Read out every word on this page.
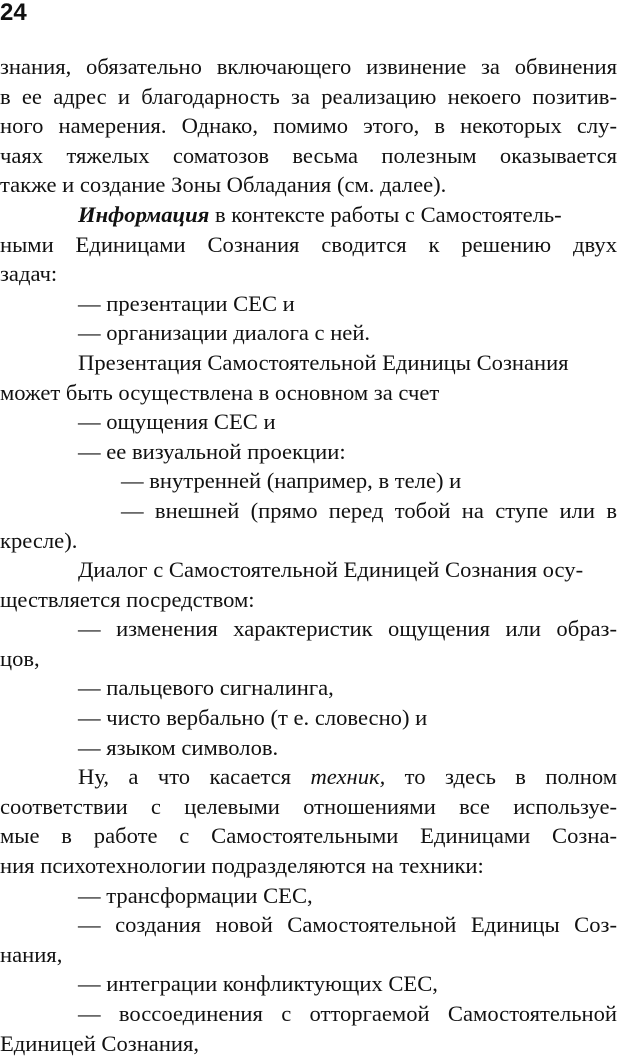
24
знания, обязательно включающего извинение за обвинения
в ее адрес и благодарность за реализацию некоего позитив-
ного намерения. Однако, помимо этого, в некоторых слу-
чаях тяжелых соматозов весьма полезным оказывается
также и создание Зоны Обладания (см. далее).
Информация в контексте работы с Самостоятель-
ными Единицами Сознания сводится к решению двух
задач:
— презентации СЕС и
— организации диалога с ней.
Презентация Самостоятельной Единицы Сознания
может быть осуществлена в основном за счет
— ощущения СЕС и
— ее визуальной проекции:
— внутренней (например, в теле) и
— внешней (прямо перед тобой на ступе или в
кресле).
Диалог с Самостоятельной Единицей Сознания осу-
ществляется посредством:
— изменения характеристик ощущения или образ-
цов,
— пальцевого сигналинга,
— чисто вербально (т е. словесно) и
— языком символов.
Ну, а что касается техник, то здесь в полном
соответствии с целевыми отношениями все используе-
мые в работе с Самостоятельными Единицами Созна-
ния психотехнологии подразделяются на техники:
— трансформации СЕС,
— создания новой Самостоятельной Единицы Соз-
нания,
— интеграции конфликтующих СЕС,
— воссоединения с отторгаемой Самостоятельной
Единицей Сознания,
